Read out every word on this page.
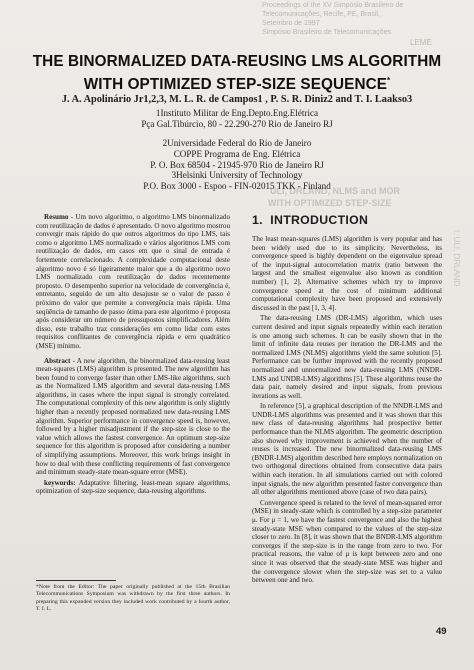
Proceedings of the XV Simpósio Brasileiro de
Telecomunicações, Recife, PE, Brasil,
Setembro de 1997
Simpósio Brasileiro de Telecomunicações
LEME
ULI, DRLAND, NLMS and MOR
WITH OPTIMIZED STEP-SIZE
I. ULI, DRLAND
THE BINORMALIZED DATA-REUSING LMS ALGORITHM
WITH OPTIMIZED STEP-SIZE SEQUENCE*
J. A. Apolinário Jr1,2,3, M. L. R. de Campos1 , P. S. R. Diniz2 and T. I. Laakso3
1Instituto Militar de Eng.Depto.Eng.Elétrica
Pça Gal.Tibúrcio, 80 - 22.290-270 Rio de Janeiro RJ
2Universidade Federal do Rio de Janeiro
COPPE Programa de Eng. Elétrica
P. O. Box 68504 - 21945-970 Rio de Janeiro RJ
3Helsinki University of Technology
P.O. Box 3000 - Espoo - FIN-02015 TKK - Finland

Resumo - Um novo algoritmo, o algoritmo LMS binormalizado com reutilização de dados é apresentado. O novo algoritmo mostrou convergir mais rápido do que outros algoritmos do tipo LMS, tais como o algoritmo LMS normalizado e vários algoritmos LMS com reutilização de dados, em casos em que o sinal de entrada é fortemente correlacionado. A complexidade computacional deste algoritmo novo é só ligeiramente maior que a do algoritmo novo LMS normalizado com reutilização de dados recentemente proposto. O desempenho superior na velocidade de convergência é, entretanto, seguido de um alto desajuste se o valor de passo é próximo do valor que permite a convergência mais rápida. Uma seqüência de tamanho de passo ótima para este algoritmo é proposta após considerar um número de pressupostos simplificadores. Além disso, este trabalho traz considerações em como lidar com estes requisitos conflitantes de convergência rápida e erro quadrático (MSE) mínimo.

Abstract - A new algorithm, the binormalized data-reusing least mean-squares (LMS) algorithm is presented. The new algorithm has been found to converge faster than other LMS-like algorithms, such as the Normalized LMS algorithm and several data-reusing LMS algorithms, in cases where the input signal is strongly correlated. The computational complexity of this new algorithm is only slightly higher than a recently proposed normalized new data-reusing LMS algorithm. Superior performance in convergence speed is, however, followed by a higher misadjustment if the step-size is close to the value which allows the fastest convergence. An optimum step-size sequence for this algorithm is proposed after considering a number of simplifying assumptions. Moreover, this work brings insight in how to deal with these conflicting requirements of fast convergence and minimum steady-state mean-square error (MSE).

keywords: Adaptative filtering, least-mean square algorithms, optimization of step-size sequence, data-reusing algorithms.

*Note from the Editor: The paper originally published at the 15th Brazilian Telecommunications Symposium was withdrawn by the first three authors. In preparing this expanded version they included work contributed by a fourth author, T. I. L.
1. INTRODUCTION

The least mean-squares (LMS) algorithm is very popular and has been widely used due to its simplicity. Nevertheless, its convergence speed is highly dependent on the eigenvalue spread of the input-signal autocorrelation matrix (ratio between the largest and the smallest eigenvalue also known as condition number) [1, 2]. Alternative schemes which try to improve convergence speed at the cost of minimum additional computational complexity have been proposed and extensively discussed in the past [1, 3, 4].

The data-reusing LMS (DR-LMS) algorithm, which uses current desired and input signals repeatedly within each iteration is one among such schemes. It can be easily shown that in the limit of infinite data reuses per iteration the DR-LMS and the normalized LMS (NLMS) algorithms yield the same solution [5]. Performance can be further improved with the recently proposed normalized and unnormalized new data-reusing LMS (NNDR-LMS and UNDR-LMS) algorithms [5]. These algorithms reuse the data pair, namely desired and input signals, from previous iterations as well.

In reference [5], a graphical description of the NNDR-LMS and UNDR-LMS algorithms was presented and it was shown that this new class of data-reusing algorithms had prospective better performance than the NLMS algorithm. The geometric description also showed why improvement is achieved when the number of reuses is increased. The new binormalized data-reusing LMS (BNDR-LMS) algorithm described here employs normalization on two orthogonal directions obtained from consecutive data pairs within each iteration. In all simulations carried out with colored input signals, the new algorithm presented faster convergence than all other algorithms mentioned above (case of two data pairs).

Convergence speed is related to the level of mean-squared error (MSE) in steady-state which is controlled by a step-size parameter μ. For μ = 1, we have the fastest convergence and also the highest steady-state MSE when compared to the values of the step-size closer to zero. In [8], it was shown that the BNDR-LMS algorithm converges if the step-size is in the range from zero to two. For practical reasons, the value of μ is kept between zero and one since it was observed that the steady-state MSE was higher and the convergence slower when the step-size was set to a value between one and two.

49
